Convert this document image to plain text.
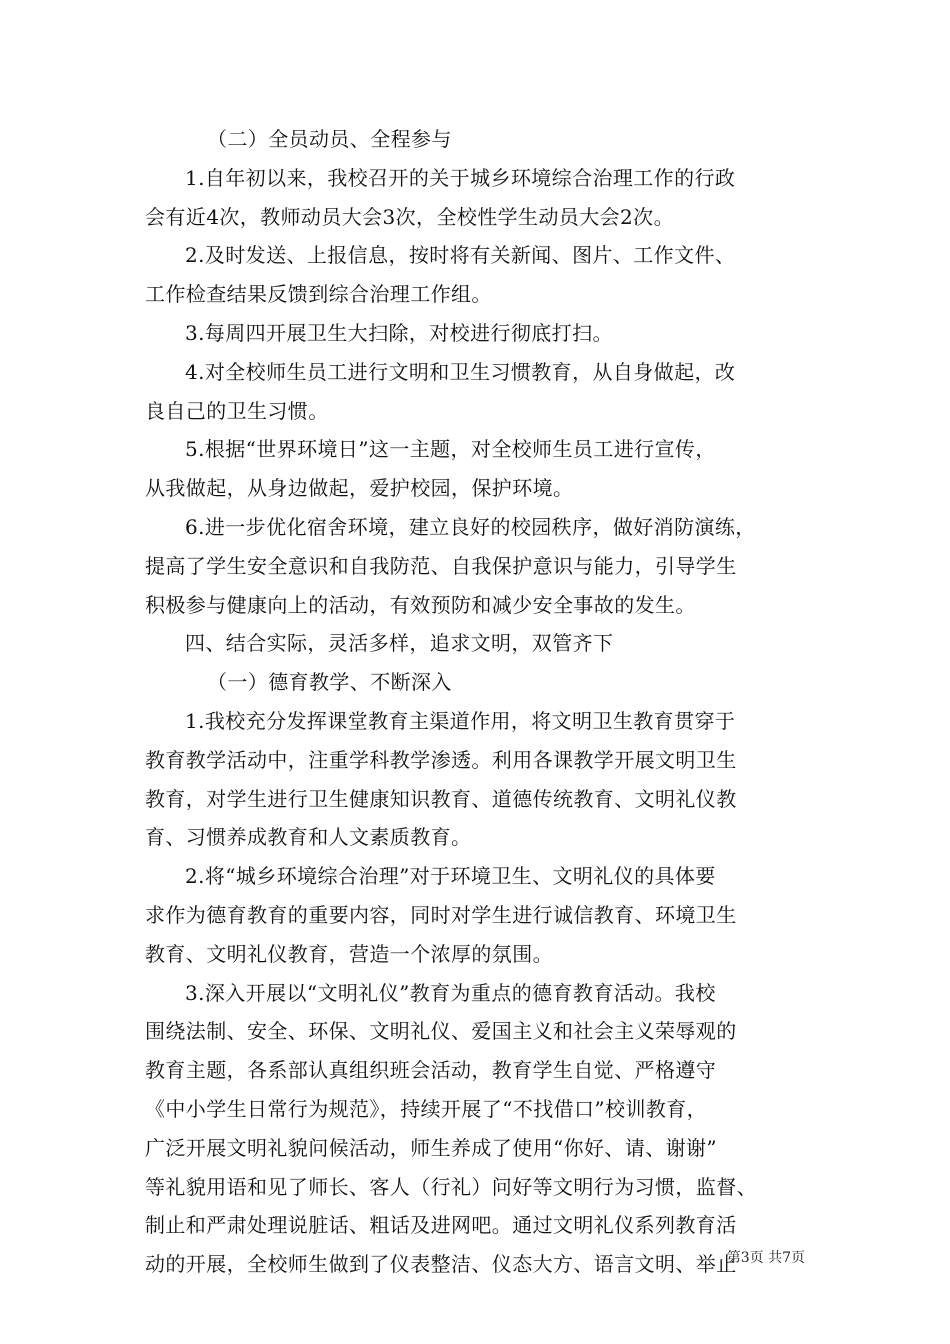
（二）全员动员、全程参与
1.自年初以来，我校召开的关于城乡环境综合治理工作的行政
会有近4次，教师动员大会3次，全校性学生动员大会2次。
2.及时发送、上报信息，按时将有关新闻、图片、工作文件、
工作检查结果反馈到综合治理工作组。
3.每周四开展卫生大扫除，对校进行彻底打扫。
4.对全校师生员工进行文明和卫生习惯教育，从自身做起，改
良自己的卫生习惯。
5.根据“世界环境日”这一主题，对全校师生员工进行宣传，
从我做起，从身边做起，爱护校园，保护环境。
6.进一步优化宿舍环境，建立良好的校园秩序，做好消防演练，
提高了学生安全意识和自我防范、自我保护意识与能力，引导学生
积极参与健康向上的活动，有效预防和减少安全事故的发生。
四、结合实际，灵活多样，追求文明，双管齐下
（一）德育教学、不断深入
1.我校充分发挥课堂教育主渠道作用，将文明卫生教育贯穿于
教育教学活动中，注重学科教学渗透。利用各课教学开展文明卫生
教育，对学生进行卫生健康知识教育、道德传统教育、文明礼仪教
育、习惯养成教育和人文素质教育。
2.将“城乡环境综合治理”对于环境卫生、文明礼仪的具体要
求作为德育教育的重要内容，同时对学生进行诚信教育、环境卫生
教育、文明礼仪教育，营造一个浓厚的氛围。
3.深入开展以“文明礼仪”教育为重点的德育教育活动。我校
围绕法制、安全、环保、文明礼仪、爱国主义和社会主义荣辱观的
教育主题，各系部认真组织班会活动，教育学生自觉、严格遵守
《中小学生日常行为规范》，持续开展了“不找借口”校训教育，
广泛开展文明礼貌问候活动，师生养成了使用“你好、请、谢谢”
等礼貌用语和见了师长、客人（行礼）问好等文明行为习惯，监督、
制止和严肃处理说脏话、粗话及进网吧。通过文明礼仪系列教育活
动的开展，全校师生做到了仪表整洁、仪态大方、语言文明、举止
第3页 共7页
